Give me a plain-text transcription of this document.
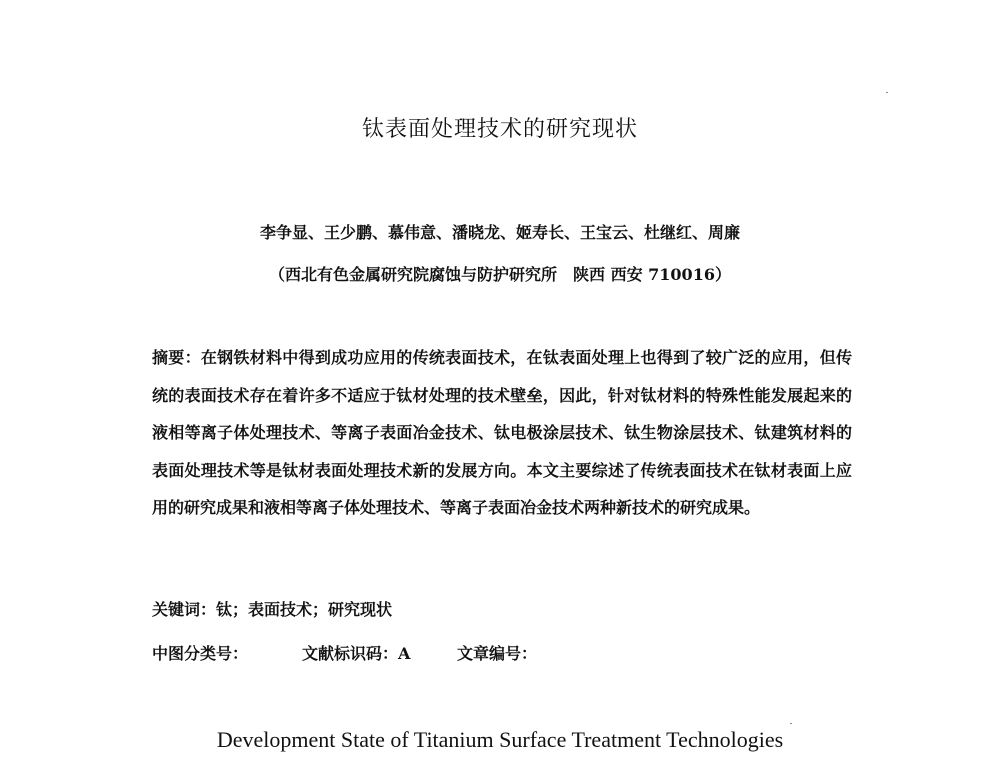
钛表面处理技术的研究现状
李争显、王少鹏、慕伟意、潘晓龙、姬寿长、王宝云、杜继红、周廉
（西北有色金属研究院腐蚀与防护研究所　陕西 西安 710016）
摘要：在钢铁材料中得到成功应用的传统表面技术，在钛表面处理上也得到了较广泛的应用，但传统的表面技术存在着许多不适应于钛材处理的技术壁垒，因此，针对钛材料的特殊性能发展起来的液相等离子体处理技术、等离子表面冶金技术、钛电极涂层技术、钛生物涂层技术、钛建筑材料的表面处理技术等是钛材表面处理技术新的发展方向。本文主要综述了传统表面技术在钛材表面上应用的研究成果和液相等离子体处理技术、等离子表面冶金技术两种新技术的研究成果。
关键词：钛；表面技术；研究现状
中图分类号：	文献标识码：A	文章编号：
Development State of Titanium Surface Treatment Technologies
